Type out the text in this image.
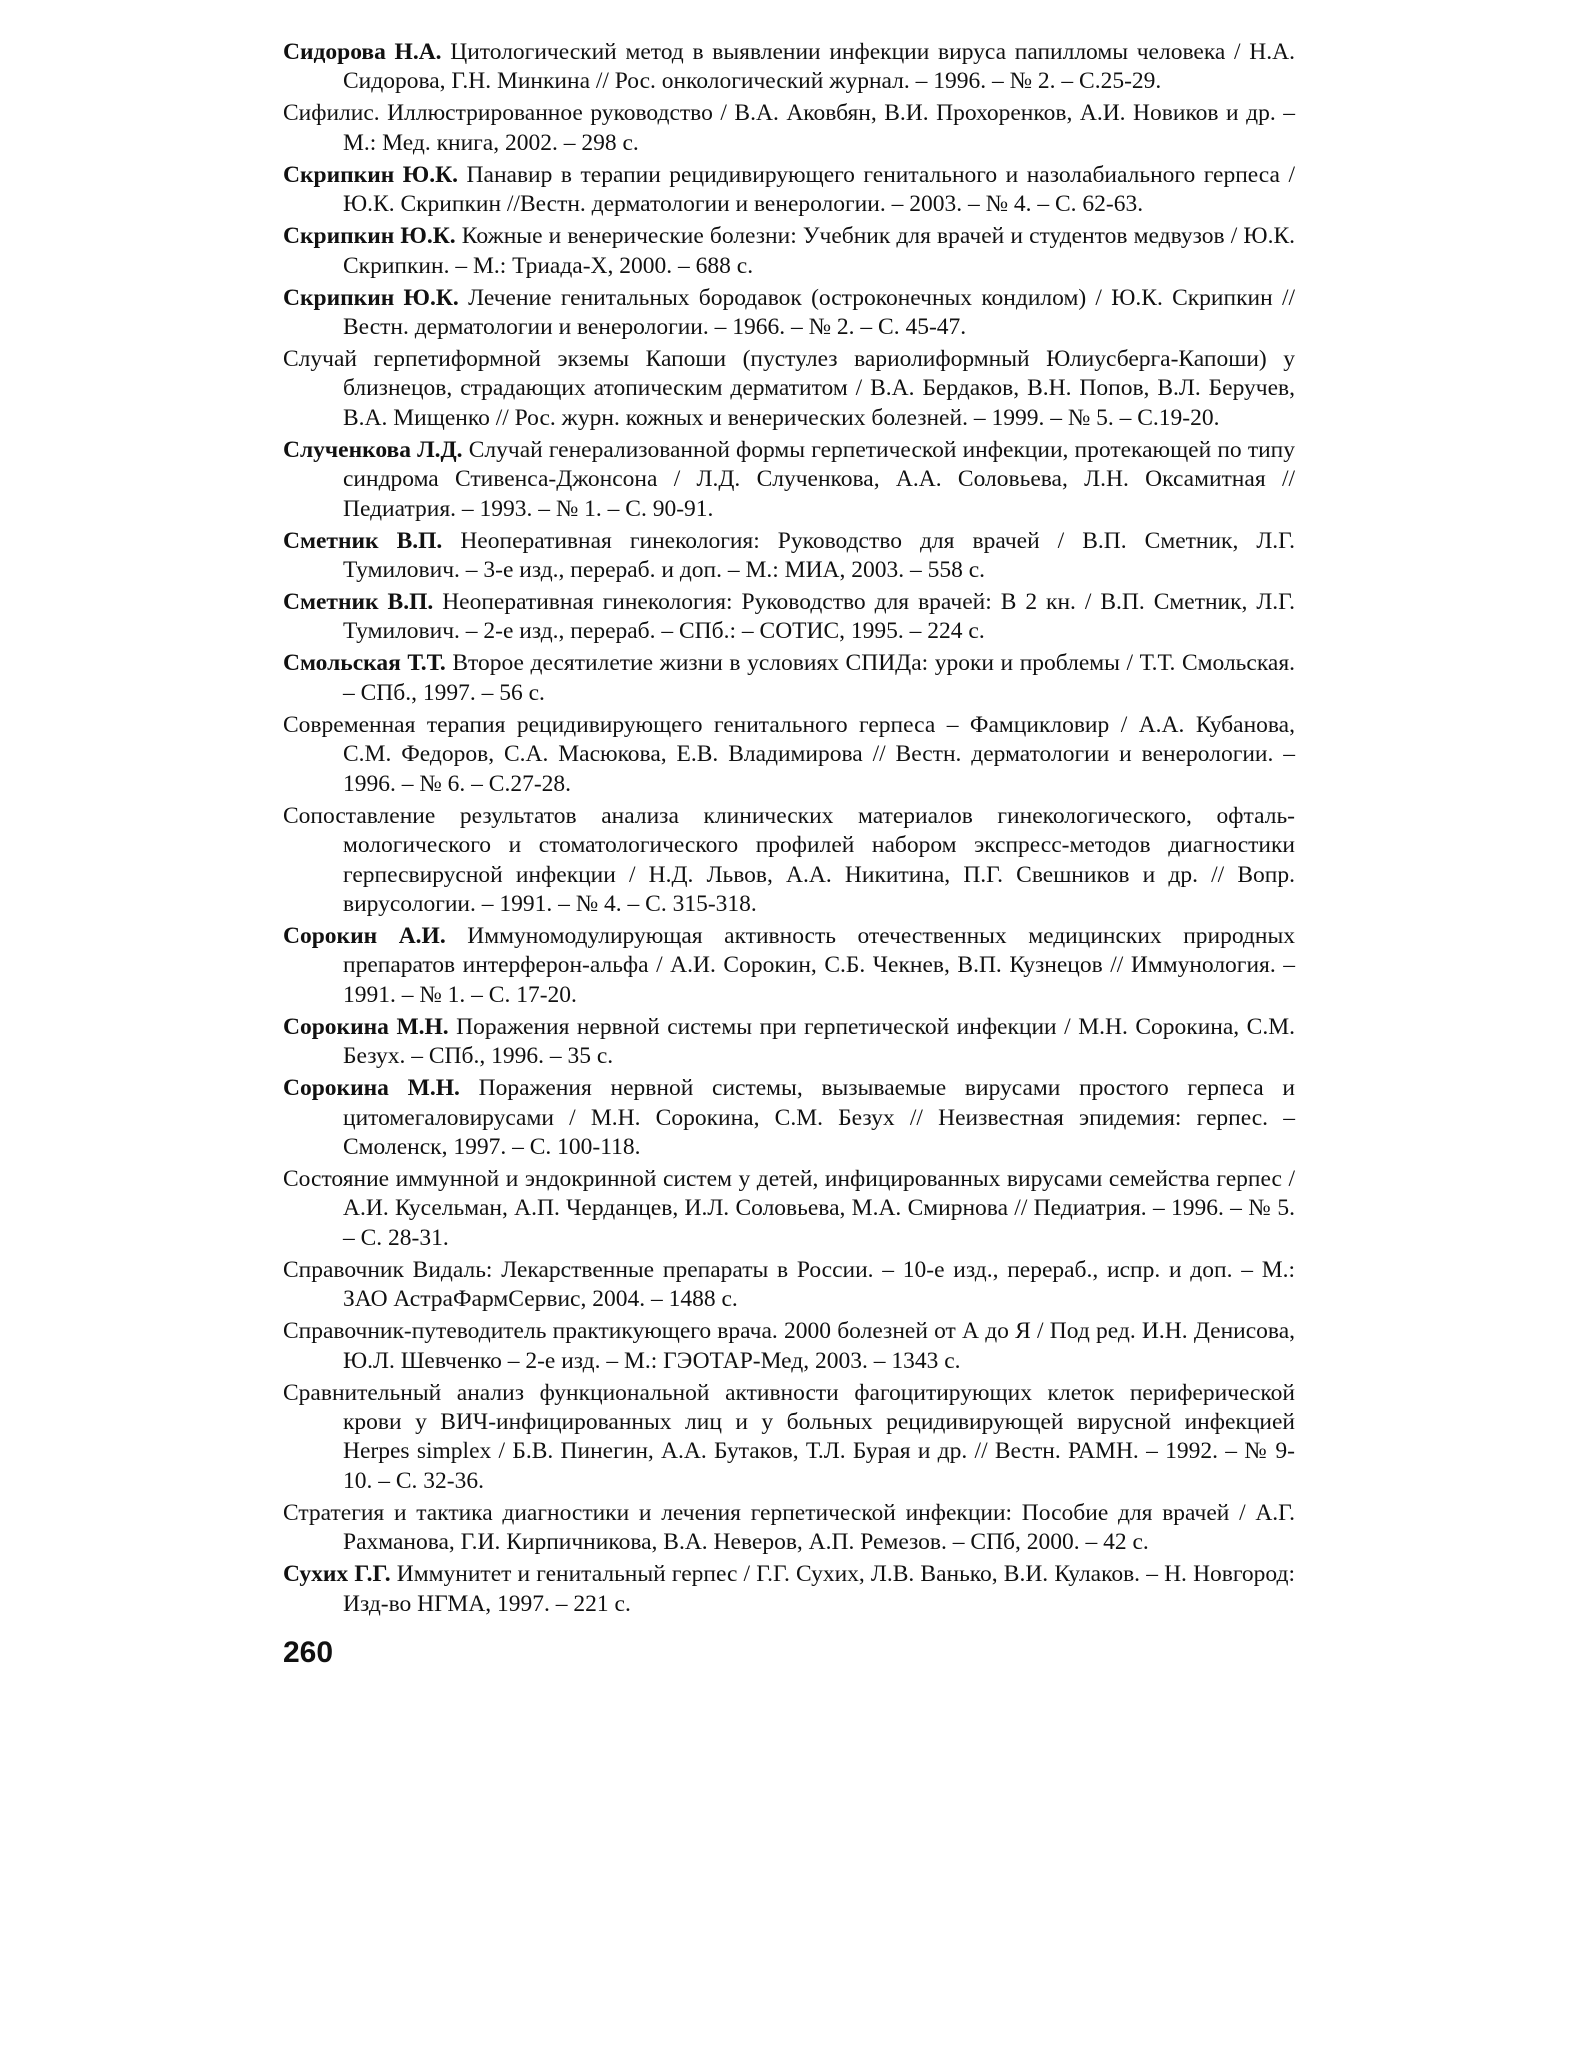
Сидорова Н.А. Цитологический метод в выявлении инфекции вируса папилломы человека / Н.А. Сидорова, Г.Н. Минкина // Рос. онкологический журнал. – 1996. – № 2. – С.25-29.
Сифилис. Иллюстрированное руководство / В.А. Аковбян, В.И. Прохоренков, А.И. Новиков и др. – М.: Мед. книга, 2002. – 298 с.
Скрипкин Ю.К. Панавир в терапии рецидивирующего генитального и назолабиального герпеса / Ю.К. Скрипкин //Вестн. дерматологии и венерологии. – 2003. – № 4. – С. 62-63.
Скрипкин Ю.К. Кожные и венерические болезни: Учебник для врачей и студентов медвузов / Ю.К. Скрипкин. – М.: Триада-Х, 2000. – 688 с.
Скрипкин Ю.К. Лечение генитальных бородавок (остроконечных кондилом) / Ю.К. Скрипкин // Вестн. дерматологии и венерологии. – 1966. – № 2. – С. 45-47.
Случай герпетиформной экземы Капоши (пустулез вариолиформный Юлиусберга-Капоши) у близнецов, страдающих атопическим дерматитом / В.А. Бердаков, В.Н. Попов, В.Л. Беручев, В.А. Мищенко // Рос. журн. кожных и венерических болезней. – 1999. – № 5. – С.19-20.
Слученкова Л.Д. Случай генерализованной формы герпетической инфекции, протекающей по типу синдрома Стивенса-Джонсона / Л.Д. Слученкова, А.А. Соловьева, Л.Н. Оксамитная // Педиатрия. – 1993. – № 1. – С. 90-91.
Сметник В.П. Неоперативная гинекология: Руководство для врачей / В.П. Сметник, Л.Г. Тумилович. – 3-е изд., перераб. и доп. – М.: МИА, 2003. – 558 с.
Сметник В.П. Неоперативная гинекология: Руководство для врачей: В 2 кн. / В.П. Сметник, Л.Г. Тумилович. – 2-е изд., перераб. – СПб.: – СОТИС, 1995. – 224 с.
Смольская Т.Т. Второе десятилетие жизни в условиях СПИДа: уроки и проблемы / Т.Т. Смольская. – СПб., 1997. – 56 с.
Современная терапия рецидивирующего генитального герпеса – Фамцикловир / А.А. Кубанова, С.М. Федоров, С.А. Масюкова, Е.В. Владимирова // Вестн. дерматологии и венерологии. – 1996. – № 6. – С.27-28.
Сопоставление результатов анализа клинических материалов гинекологического, офтальмологического и стоматологического профилей набором экспресс-методов диагностики герпесвирусной инфекции / Н.Д. Львов, А.А. Никитина, П.Г. Свешников и др. // Вопр. вирусологии. – 1991. – № 4. – С. 315-318.
Сорокин А.И. Иммуномодулирующая активность отечественных медицинских природных препаратов интерферон-альфа / А.И. Сорокин, С.Б. Чекнев, В.П. Кузнецов // Иммунология. – 1991. – № 1. – С. 17-20.
Сорокина М.Н. Поражения нервной системы при герпетической инфекции / М.Н. Сорокина, С.М. Безух. – СПб., 1996. – 35 с.
Сорокина М.Н. Поражения нервной системы, вызываемые вирусами простого герпеса и цитомегаловирусами / М.Н. Сорокина, С.М. Безух // Неизвестная эпидемия: герпес. – Смоленск, 1997. – С. 100-118.
Состояние иммунной и эндокринной систем у детей, инфицированных вирусами семейства герпес / А.И. Кусельман, А.П. Черданцев, И.Л. Соловьева, М.А. Смирнова // Педиатрия. – 1996. – № 5. – С. 28-31.
Справочник Видаль: Лекарственные препараты в России. – 10-е изд., перераб., испр. и доп. – М.: ЗАО АстраФармСервис, 2004. – 1488 с.
Справочник-путеводитель практикующего врача. 2000 болезней от А до Я / Под ред. И.Н. Денисова, Ю.Л. Шевченко – 2-е изд. – М.: ГЭОТАР-Мед, 2003. – 1343 с.
Сравнительный анализ функциональной активности фагоцитирующих клеток периферической крови у ВИЧ-инфицированных лиц и у больных рецидивирующей вирусной инфекцией Herpes simplex / Б.В. Пинегин, А.А. Бутаков, Т.Л. Бурая и др. // Вестн. РАМН. – 1992. – № 9-10. – С. 32-36.
Стратегия и тактика диагностики и лечения герпетической инфекции: Пособие для врачей / А.Г. Рахманова, Г.И. Кирпичникова, В.А. Неверов, А.П. Ремезов. – СПб, 2000. – 42 с.
Сухих Г.Г. Иммунитет и генитальный герпес / Г.Г. Сухих, Л.В. Ванько, В.И. Кулаков. – Н. Новгород: Изд-во НГМА, 1997. – 221 с.
260
